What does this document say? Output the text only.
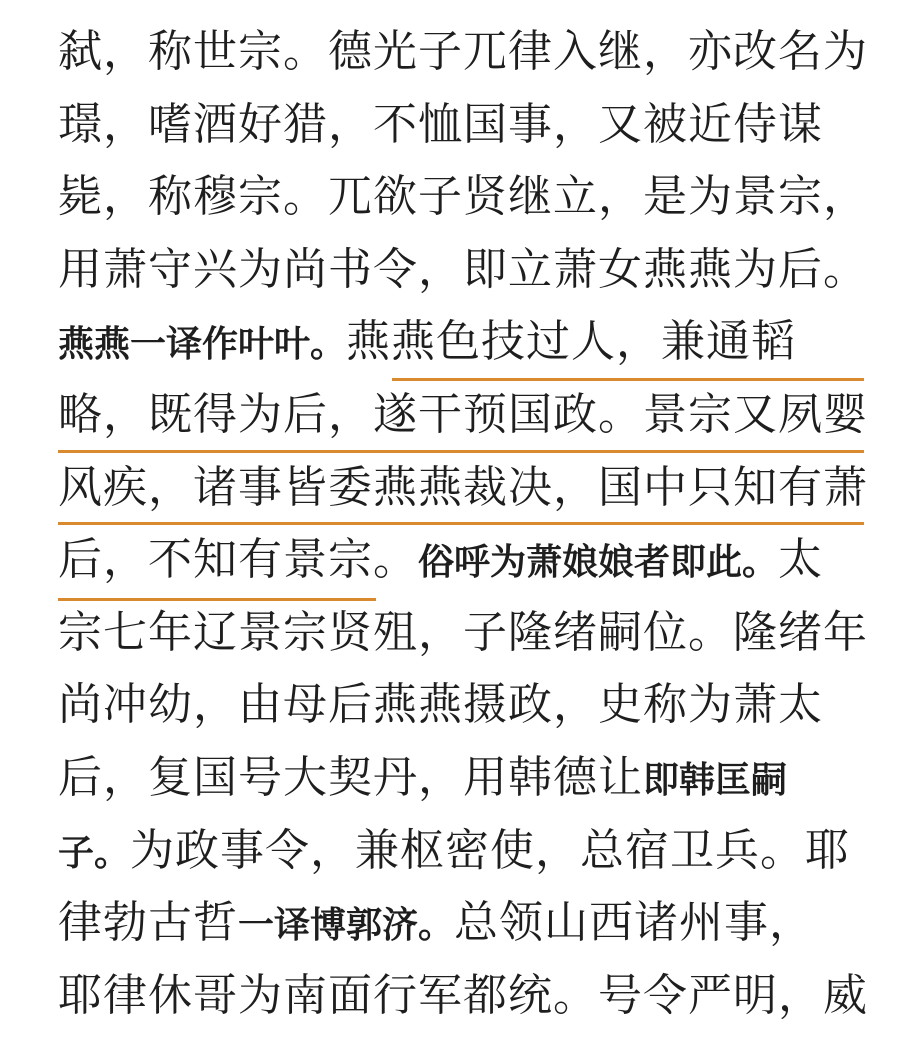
弑，称世宗。德光子兀律入继，亦改名为
璟，嗜酒好猎，不恤国事，又被近侍谋
毙，称穆宗。兀欲子贤继立，是为景宗，
用萧守兴为尚书令，即立萧女燕燕为后。
燕燕一译作叶叶。燕燕色技过人，兼通韬
略，既得为后，遂干预国政。景宗又夙婴
风疾，诸事皆委燕燕裁决，国中只知有萧
后，不知有景宗。俗呼为萧娘娘者即此。太
宗七年辽景宗贤殂，子隆绪嗣位。隆绪年
尚冲幼，由母后燕燕摄政，史称为萧太
后，复国号大契丹，用韩德让即韩匡嗣
子。为政事令，兼枢密使，总宿卫兵。耶
律勃古哲一译博郭济。总领山西诸州事，
耶律休哥为南面行军都统。号令严明，威
